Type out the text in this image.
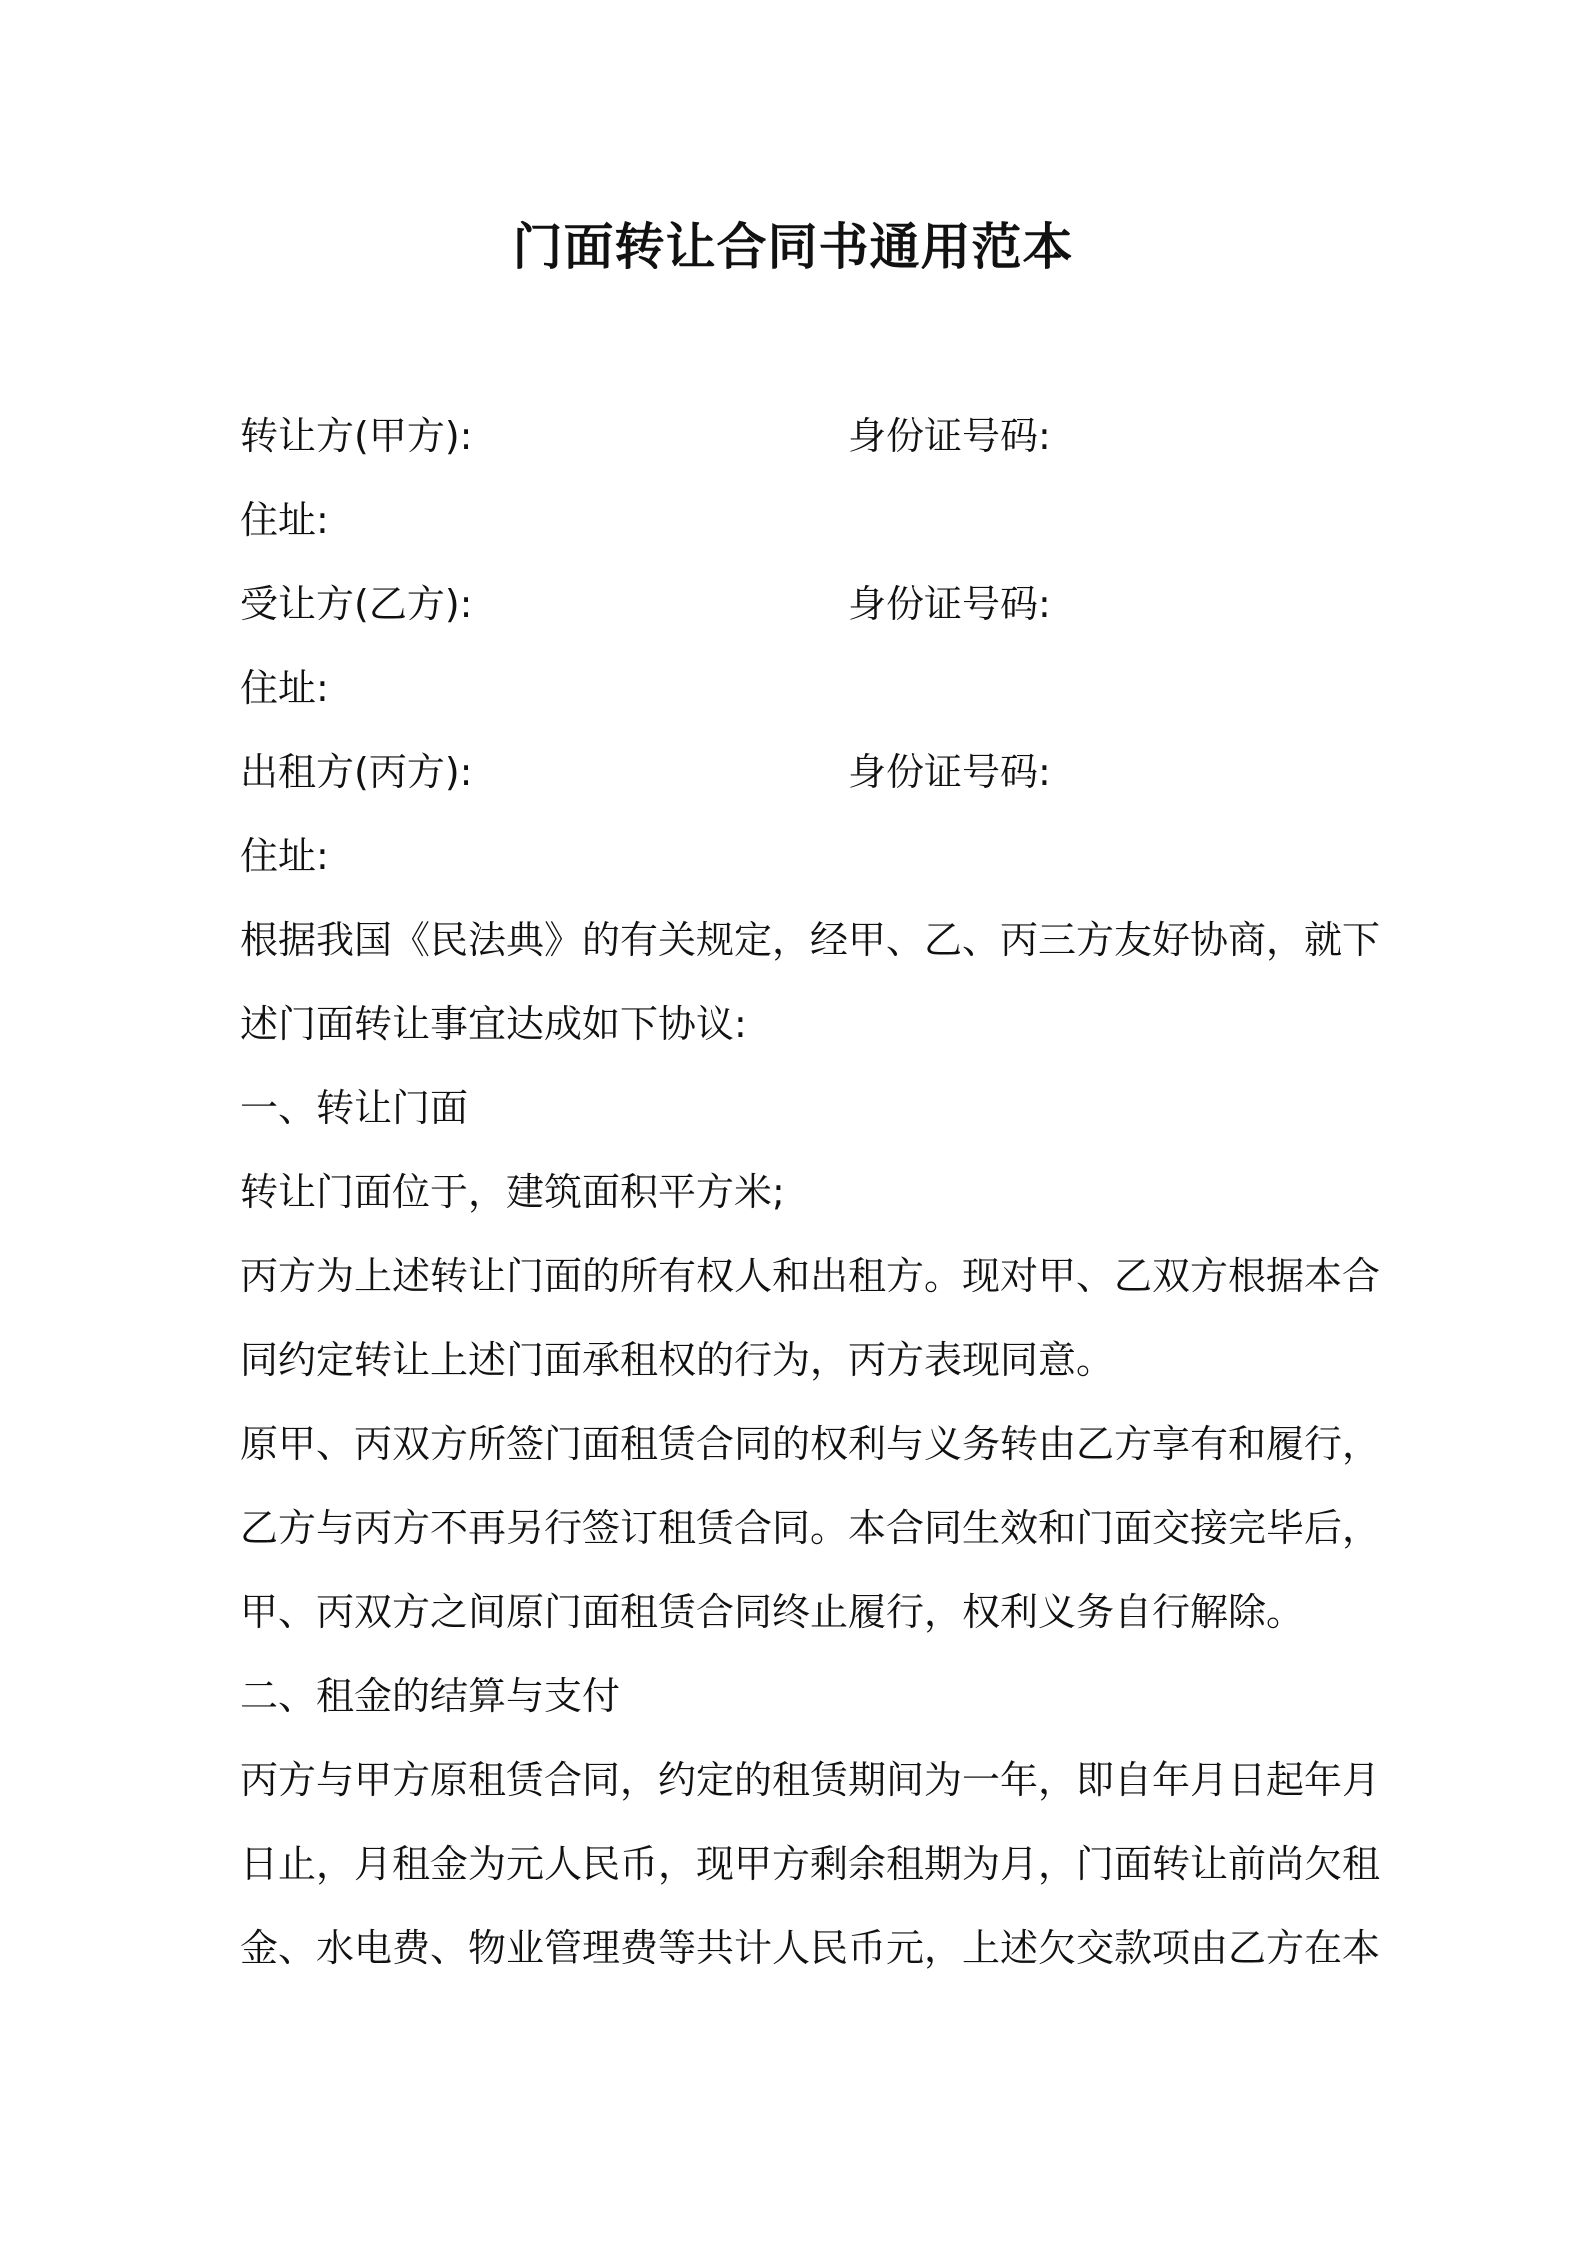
门面转让合同书通用范本
转让方(甲方):	身份证号码:
住址:
受让方(乙方):	身份证号码:
住址:
出租方(丙方):	身份证号码:
住址:
根据我国《民法典》的有关规定，经甲、乙、丙三方友好协商，就下
述门面转让事宜达成如下协议:
一、转让门面
转让门面位于，建筑面积平方米;
丙方为上述转让门面的所有权人和出租方。现对甲、乙双方根据本合
同约定转让上述门面承租权的行为，丙方表现同意。
原甲、丙双方所签门面租赁合同的权利与义务转由乙方享有和履行，
乙方与丙方不再另行签订租赁合同。本合同生效和门面交接完毕后，
甲、丙双方之间原门面租赁合同终止履行，权利义务自行解除。
二、租金的结算与支付
丙方与甲方原租赁合同，约定的租赁期间为一年，即自年月日起年月
日止，月租金为元人民币，现甲方剩余租期为月，门面转让前尚欠租
金、水电费、物业管理费等共计人民币元，上述欠交款项由乙方在本
